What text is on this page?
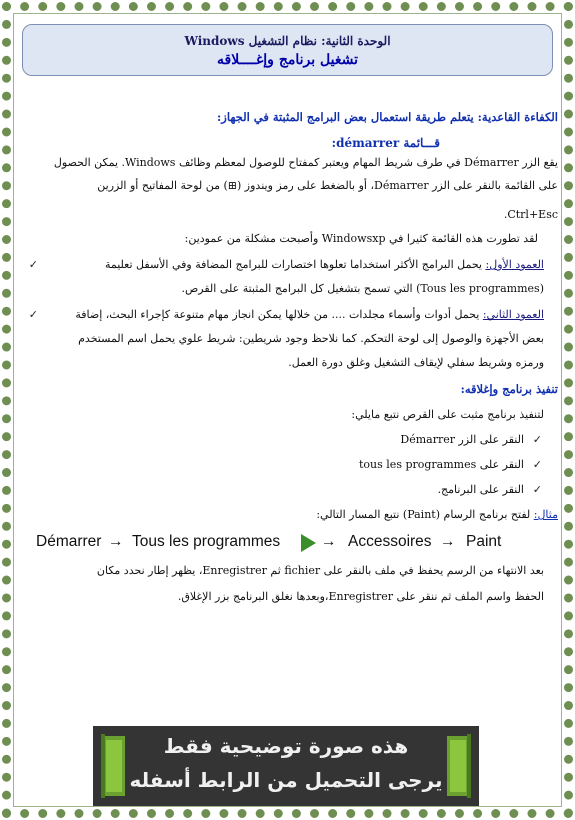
الوحدة الثانية: نظام التشغيل Windows
تشغيل برنامج وإغــــلاقه
الكفاءة القاعدية: يتعلم طريقة استعمال بعض البرامج المثبتة في الجهاز:
قـــائمة démarrer:
يقع الزر Démarrer في طرف شريط المهام ويعتبر كمفتاح للوصول لمعظم وظائف Windows. يمكن الحصول
على القائمة بالنقر على الزر Démarrer، أو بالضغط على رمز ويندوز (⊞) من لوحة المفاتيح أو الزرين
Ctrl+Esc.
لقد تطورت هذه القائمة كثيرا في Windowsxp وأصبحت مشكلة من عمودين:
✓	العمود الأول: يحمل البرامج الأكثر استخداما تعلوها اختصارات للبرامج المضافة وفي الأسفل تعليمة
(Tous les programmes) التي تسمح بتشغيل كل البرامج المثبتة على القرص.
✓	العمود الثاني: يحمل أدوات وأسماء مجلدات .... من خلالها يمكن انجاز مهام متنوعة كإجراء البحث، إضافة
بعض الأجهزة والوصول إلى لوحة التحكم. كما نلاحظ وجود شريطين: شريط علوي يحمل اسم المستخدم
ورمزه وشريط سفلي لإيقاف التشغيل وغلق دورة العمل.
تنفيذ برنامج وإغلاقه:
لتنفيذ برنامج مثبت على القرص نتبع مايلي:
✓
النقر على الزر Démarrer
✓
النقر على tous les programmes
✓
النقر على البرنامج.
مثال: لفتح برنامج الرسام (Paint) نتبع المسار التالي:
بعد الانتهاء من الرسم يحفظ في ملف بالنقر على fichier ثم Enregistrer، يظهر إطار نحدد مكان
الحفظ واسم الملف ثم ننقر على Enregistrer،وبعدها نغلق البرنامج بزر الإغلاق.
Démarrer → Tous les programmes	→ Accessoires → Paint
هذه صورة توضيحية فقط
يرجى التحميل من الرابط أسفله
